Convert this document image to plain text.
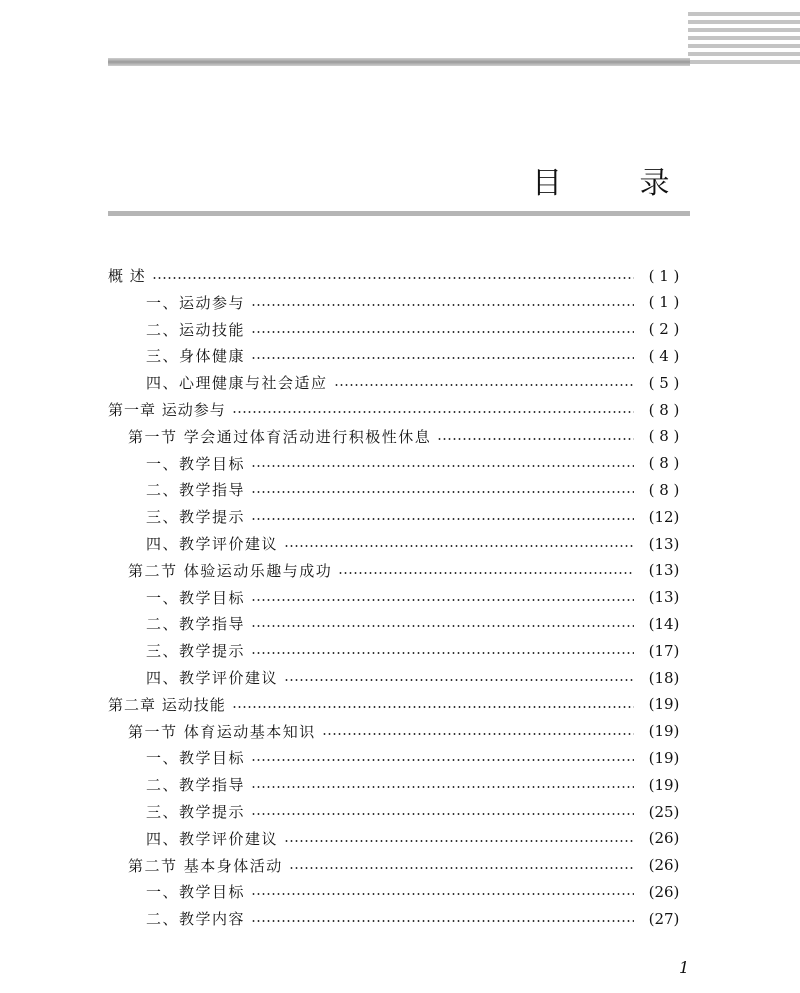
目 录
概 述	( 1 )
一、运动参与	( 1 )
二、运动技能	( 2 )
三、身体健康	( 4 )
四、心理健康与社会适应	( 5 )
第一章 运动参与	( 8 )
第一节 学会通过体育活动进行积极性休息	( 8 )
一、教学目标	( 8 )
二、教学指导	( 8 )
三、教学提示	(12)
四、教学评价建议	(13)
第二节 体验运动乐趣与成功	(13)
一、教学目标	(13)
二、教学指导	(14)
三、教学提示	(17)
四、教学评价建议	(18)
第二章 运动技能	(19)
第一节 体育运动基本知识	(19)
一、教学目标	(19)
二、教学指导	(19)
三、教学提示	(25)
四、教学评价建议	(26)
第二节 基本身体活动	(26)
一、教学目标	(26)
二、教学内容	(27)
1
